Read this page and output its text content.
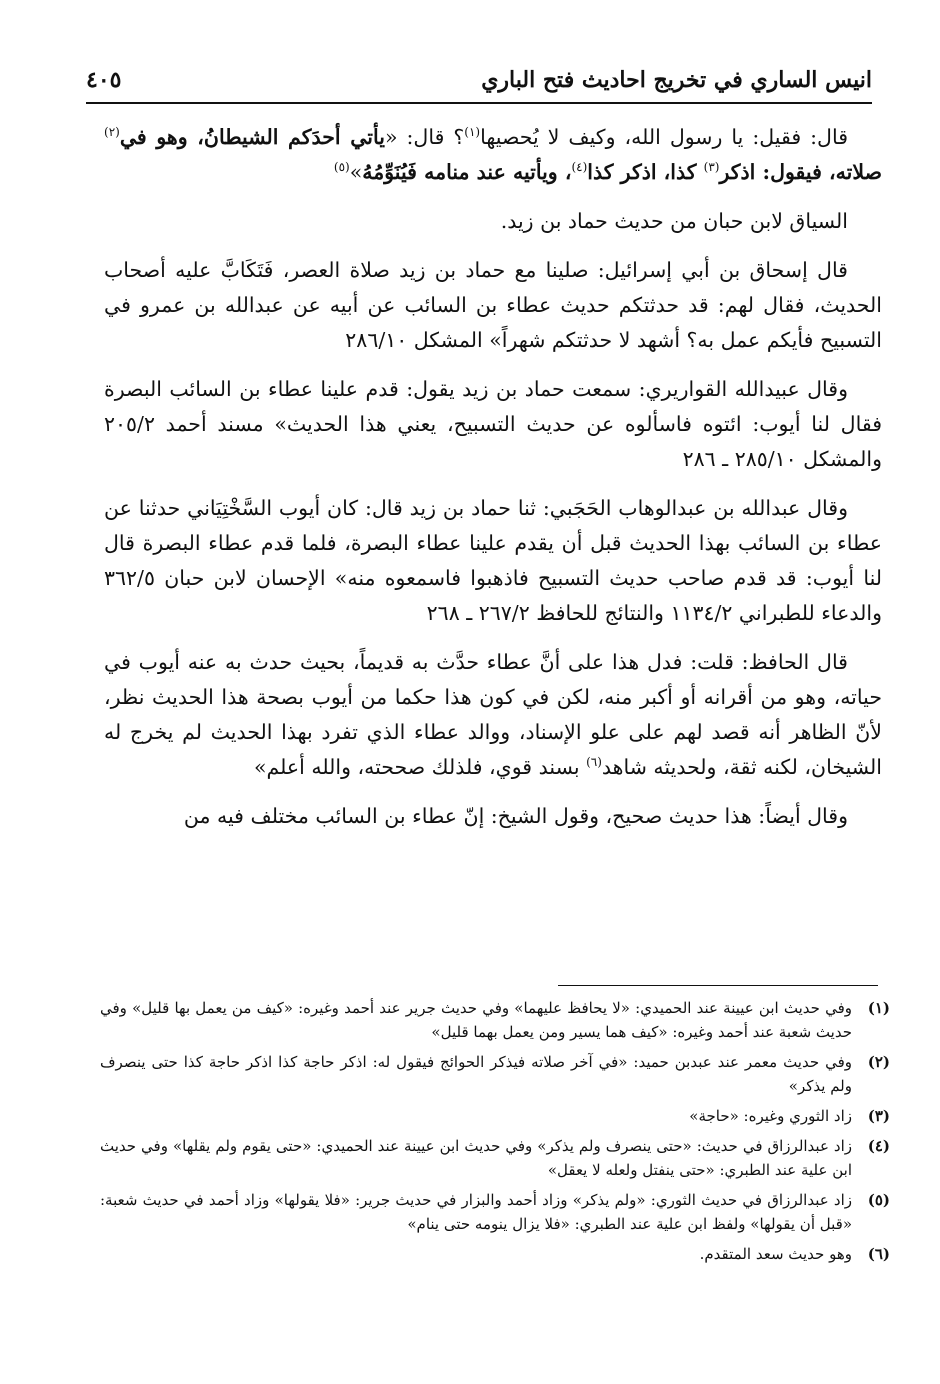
٤٠٥	انيس الساري في تخريج احاديث فتح الباري

قال: فقيل: يا رسول الله، وكيف لا يُحصيها$^{(١)}$؟ قال: «يأتي أحدَكم الشيطانُ، وهو في$^{(٢)}$ صلاته، فيقول: اذكر$^{(٣)}$ كذا، اذكر كذا$^{(٤)}$، ويأتيه عند منامه فَيُنَوِّمُهُ»$^{(٥)}$

السياق لابن حبان من حديث حماد بن زيد.

قال إسحاق بن أبي إسرائيل: صلينا مع حماد بن زيد صلاة العصر، فَتَكَابَّ عليه أصحاب الحديث، فقال لهم: قد حدثتكم حديث عطاء بن السائب عن أبيه عن عبدالله بن عمرو في التسبيح فأيكم عمل به؟ أشهد لا حدثتكم شهراً» المشكل ٢٨٦/١٠

وقال عبيدالله القواريري: سمعت حماد بن زيد يقول: قدم علينا عطاء بن السائب البصرة فقال لنا أيوب: ائتوه فاسألوه عن حديث التسبيح، يعني هذا الحديث» مسند أحمد ٢٠٥/٢ والمشكل ٢٨٥/١٠ ـ ٢٨٦

وقال عبدالله بن عبدالوهاب الحَجَبي: ثنا حماد بن زيد قال: كان أيوب السَّخْتِيَاني حدثنا عن عطاء بن السائب بهذا الحديث قبل أن يقدم علينا عطاء البصرة، فلما قدم عطاء البصرة قال لنا أيوب: قد قدم صاحب حديث التسبيح فاذهبوا فاسمعوه منه» الإحسان لابن حبان ٣٦٢/٥ والدعاء للطبراني ١١٣٤/٢ والنتائج للحافظ ٢٦٧/٢ ـ ٢٦٨

قال الحافظ: قلت: فدل هذا على أنَّ عطاء حدَّث به قديماً، بحيث حدث به عنه أيوب في حياته، وهو من أقرانه أو أكبر منه، لكن في كون هذا حكما من أيوب بصحة هذا الحديث نظر، لأنّ الظاهر أنه قصد لهم على علو الإسناد، ووالد عطاء الذي تفرد بهذا الحديث لم يخرج له الشيخان، لكنه ثقة، ولحديثه شاهد$^{(٦)}$ بسند قوي، فلذلك صححته، والله أعلم»

وقال أيضاً: هذا حديث صحيح، وقول الشيخ: إنّ عطاء بن السائب مختلف فيه من

(١)
وفي حديث ابن عيينة عند الحميدي: «لا يحافظ عليهما» وفي حديث جرير عند أحمد وغيره: «كيف من يعمل بها قليل» وفي حديث شعبة عند أحمد وغيره: «كيف هما يسير ومن يعمل بهما قليل»
(٢)
وفي حديث معمر عند عبدبن حميد: «في آخر صلاته فيذكر الحوائج فيقول له: اذكر حاجة كذا اذكر حاجة كذا حتى ينصرف ولم يذكر»
(٣)
زاد الثوري وغيره: «حاجة»
(٤)
زاد عبدالرزاق في حديث: «حتى ينصرف ولم يذكر» وفي حديث ابن عيينة عند الحميدي: «حتى يقوم ولم يقلها» وفي حديث ابن علية عند الطبري: «حتى ينفتل ولعله لا يعقل»
(٥)
زاد عبدالرزاق في حديث الثوري: «ولم يذكر» وزاد أحمد والبزار في حديث جرير: «فلا يقولها» وزاد أحمد في حديث شعبة: «قبل أن يقولها» ولفظ ابن علية عند الطبري: «فلا يزال ينومه حتى ينام»
(٦)
وهو حديث سعد المتقدم.
